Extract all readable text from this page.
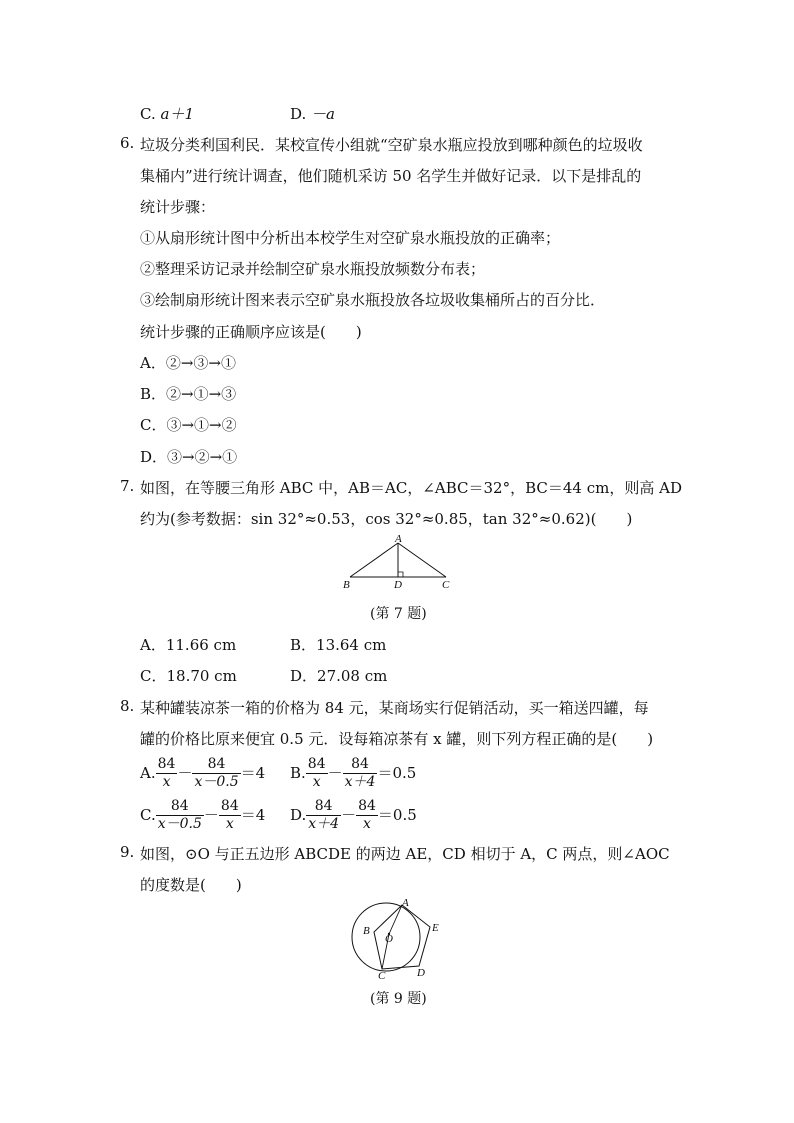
C. a＋1	D. －a
6. 垃圾分类利国利民．某校宣传小组就“空矿泉水瓶应投放到哪种颜色的垃圾收
集桶内”进行统计调查，他们随机采访 50 名学生并做好记录．以下是排乱的
统计步骤：
①从扇形统计图中分析出本校学生对空矿泉水瓶投放的正确率；
②整理采访记录并绘制空矿泉水瓶投放频数分布表；
③绘制扇形统计图来表示空矿泉水瓶投放各垃圾收集桶所占的百分比．
统计步骤的正确顺序应该是(　　)
A．②→③→①
B．②→①→③
C．③→①→②
D．③→②→①
7. 如图，在等腰三角形 ABC 中，AB＝AC，∠ABC＝32°，BC＝44 cm，则高 AD
约为(参考数据：sin 32°≈0.53，cos 32°≈0.85，tan 32°≈0.62)(　　)
A
B	D	C
(第 7 题)
A．11.66 cm	B．13.64 cm
C．18.70 cm	D．27.08 cm
8. 某种罐装凉茶一箱的价格为 84 元，某商场实行促销活动，买一箱送四罐，每
罐的价格比原来便宜 0.5 元．设每箱凉茶有 x 罐，则下列方程正确的是(　　)
A. $\frac{84}{x} - \frac{84}{x-0.5} =4$ B. $\frac{84}{x} - \frac{84}{x+4} =0.5$
C. $\frac{84}{x-0.5} - \frac{84}{x} =4$ D. $\frac{84}{x+4} - \frac{84}{x} =0.5$
9. 如图，⊙O 与正五边形 ABCDE 的两边 AE，CD 相切于 A，C 两点，则∠AOC
的度数是(　　)
A
B
C	D
E
O
(第 9 题)
